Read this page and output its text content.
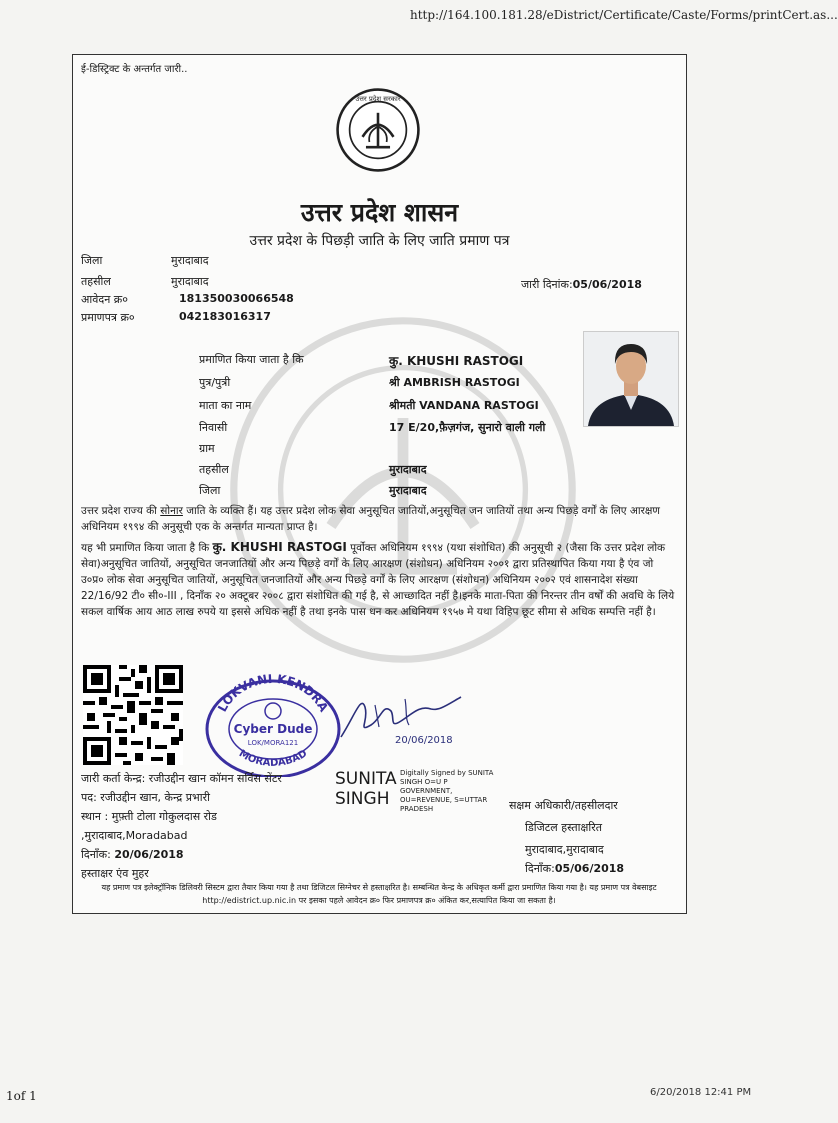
http://164.100.181.28/eDistrict/Certificate/Caste/Forms/printCert.as...
ई-डिस्ट्रिक्ट के अन्तर्गत जारी..
उत्तर प्रदेश सरकार
उत्तर प्रदेश शासन
उत्तर प्रदेश के पिछड़ी जाति के लिए जाति प्रमाण पत्र
जिला	मुरादाबाद
तहसील	मुरादाबाद
आवेदन क्र०	181350030066548
प्रमाणपत्र क्र०	042183016317
जारी दिनांक:05/06/2018
प्रमाणित किया जाता है कि	कु. KHUSHI RASTOGI
पुत्र/पुत्री	श्री AMBRISH RASTOGI
माता का नाम	श्रीमती VANDANA RASTOGI
निवासी	17 E/20,फ़ैज़गंज, सुनारो वाली गली
ग्राम
तहसील	मुरादाबाद
जिला	मुरादाबाद
उत्तर प्रदेश राज्य की सोनार जाति के व्यक्ति हैं। यह उत्तर प्रदेश लोक सेवा अनुसूचित जातियों,अनुसूचित जन जातियों तथा अन्य पिछड़े वर्गों के लिए आरक्षण अधिनियम १९९४ की अनुसूची एक के अन्तर्गत मान्यता प्राप्त है।
यह भी प्रमाणित किया जाता है कि कु. KHUSHI RASTOGI पूर्वोक्त अधिनियम १९९४ (यथा संशोधित) की अनुसूची २ (जैसा कि उत्तर प्रदेश लोक सेवा)अनुसूचित जातियों, अनुसूचित जनजातियों और अन्य पिछड़े वर्गों के लिए आरक्षण (संशोधन) अधिनियम २००१ द्वारा प्रतिस्थापित किया गया है एंव जो उ०प्र० लोक सेवा अनुसूचित जातियों, अनुसूचित जनजातियों और अन्य पिछड़े वर्गों के लिए आरक्षण (संशोधन) अधिनियम २००२ एवं शासनादेश संख्या 22/16/92 टी० सी०-III , दिनाँक २० अक्टूबर २००८ द्वारा संशोधित की गई है, से आच्छादित नहीं है।इनके माता-पिता की निरन्तर तीन वर्षों की अवधि के लिये सकल वार्षिक आय आठ लाख रुपये या इससे अधिक नहीं है तथा इनके पास धन कर अधिनियम १९५७ मे यथा विहिप छूट सीमा से अधिक सम्पत्ति नहीं है।
LOKVANI KENDRA
MORADABAD
Cyber Dude
LOK/MORA121	20/06/2018
जारी कर्ता केन्द्र: रजीउद्दीन खान कॉमन सर्विस सेंटर
पद: रजीउद्दीन खान, केन्द्र प्रभारी
स्थान : मुफ़्ती टोला गोकुलदास रोड
,मुरादाबाद,Moradabad
दिनाँक: 20/06/2018
हस्ताक्षर एंव मुहर
SUNITA
SINGH
Digitally Signed by SUNITA SINGH O=U P GOVERNMENT, OU=REVENUE, S=UTTAR PRADESH	सक्षम अधिकारी/तहसीलदार
डिजिटल हस्ताक्षरित
मुरादाबाद,मुरादाबाद
दिनाँक:05/06/2018
यह प्रमाण पत्र इलेक्ट्रॉनिक डिलिवरी सिस्टम द्वारा तैयार किया गया है तथा डिजिटल सिग्नेचर से हस्ताक्षरित है। सम्बन्धित केन्द्र के अधिकृत कर्मी द्वारा प्रमाणित किया गया है। यह प्रमाण पत्र वेबसाइट http://edistrict.up.nic.in पर इसका पहले आवेदन क्र० फिर प्रमाणपत्र क्र० अंकित कर,सत्यापित किया जा सकता है।
1of 1	6/20/2018 12:41 PM
